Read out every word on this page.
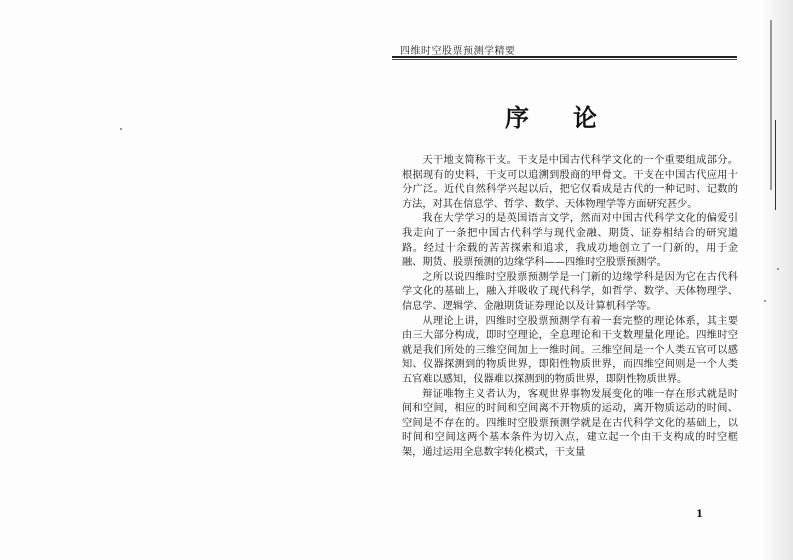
四维时空股票预测学精要
序论

天干地支简称干支。干支是中国古代科学文化的一个重要组成部分。根据现有的史料，干支可以追溯到殷商的甲骨文。干支在中国古代应用十分广泛。近代自然科学兴起以后，把它仅看成是古代的一种记时、记数的方法，对其在信息学、哲学、数学、天体物理学等方面研究甚少。

我在大学学习的是英国语言文学，然而对中国古代科学文化的偏爱引我走向了一条把中国古代科学与现代金融、期货、证券相结合的研究道路。经过十余载的苦苦探索和追求，我成功地创立了一门新的，用于金融、期货、股票预测的边缘学科——四维时空股票预测学。

之所以说四维时空股票预测学是一门新的边缘学科是因为它在古代科学文化的基础上，融入并吸收了现代科学，如哲学、数学、天体物理学、信息学、逻辑学、金融期货证券理论以及计算机科学等。

从理论上讲，四维时空股票预测学有着一套完整的理论体系，其主要由三大部分构成，即时空理论，全息理论和干支数理量化理论。四维时空就是我们所处的三维空间加上一维时间。三维空间是一个人类五官可以感知、仪器探测到的物质世界，即阳性物质世界，而四维空间则是一个人类五官难以感知，仪器难以探测到的物质世界，即阴性物质世界。

辩证唯物主义者认为，客观世界事物发展变化的唯一存在形式就是时间和空间，相应的时间和空间离不开物质的运动，离开物质运动的时间、空间是不存在的。四维时空股票预测学就是在古代科学文化的基础上，以时间和空间这两个基本条件为切入点，建立起一个由干支构成的时空框架，通过运用全息数字转化模式，干支量

1
